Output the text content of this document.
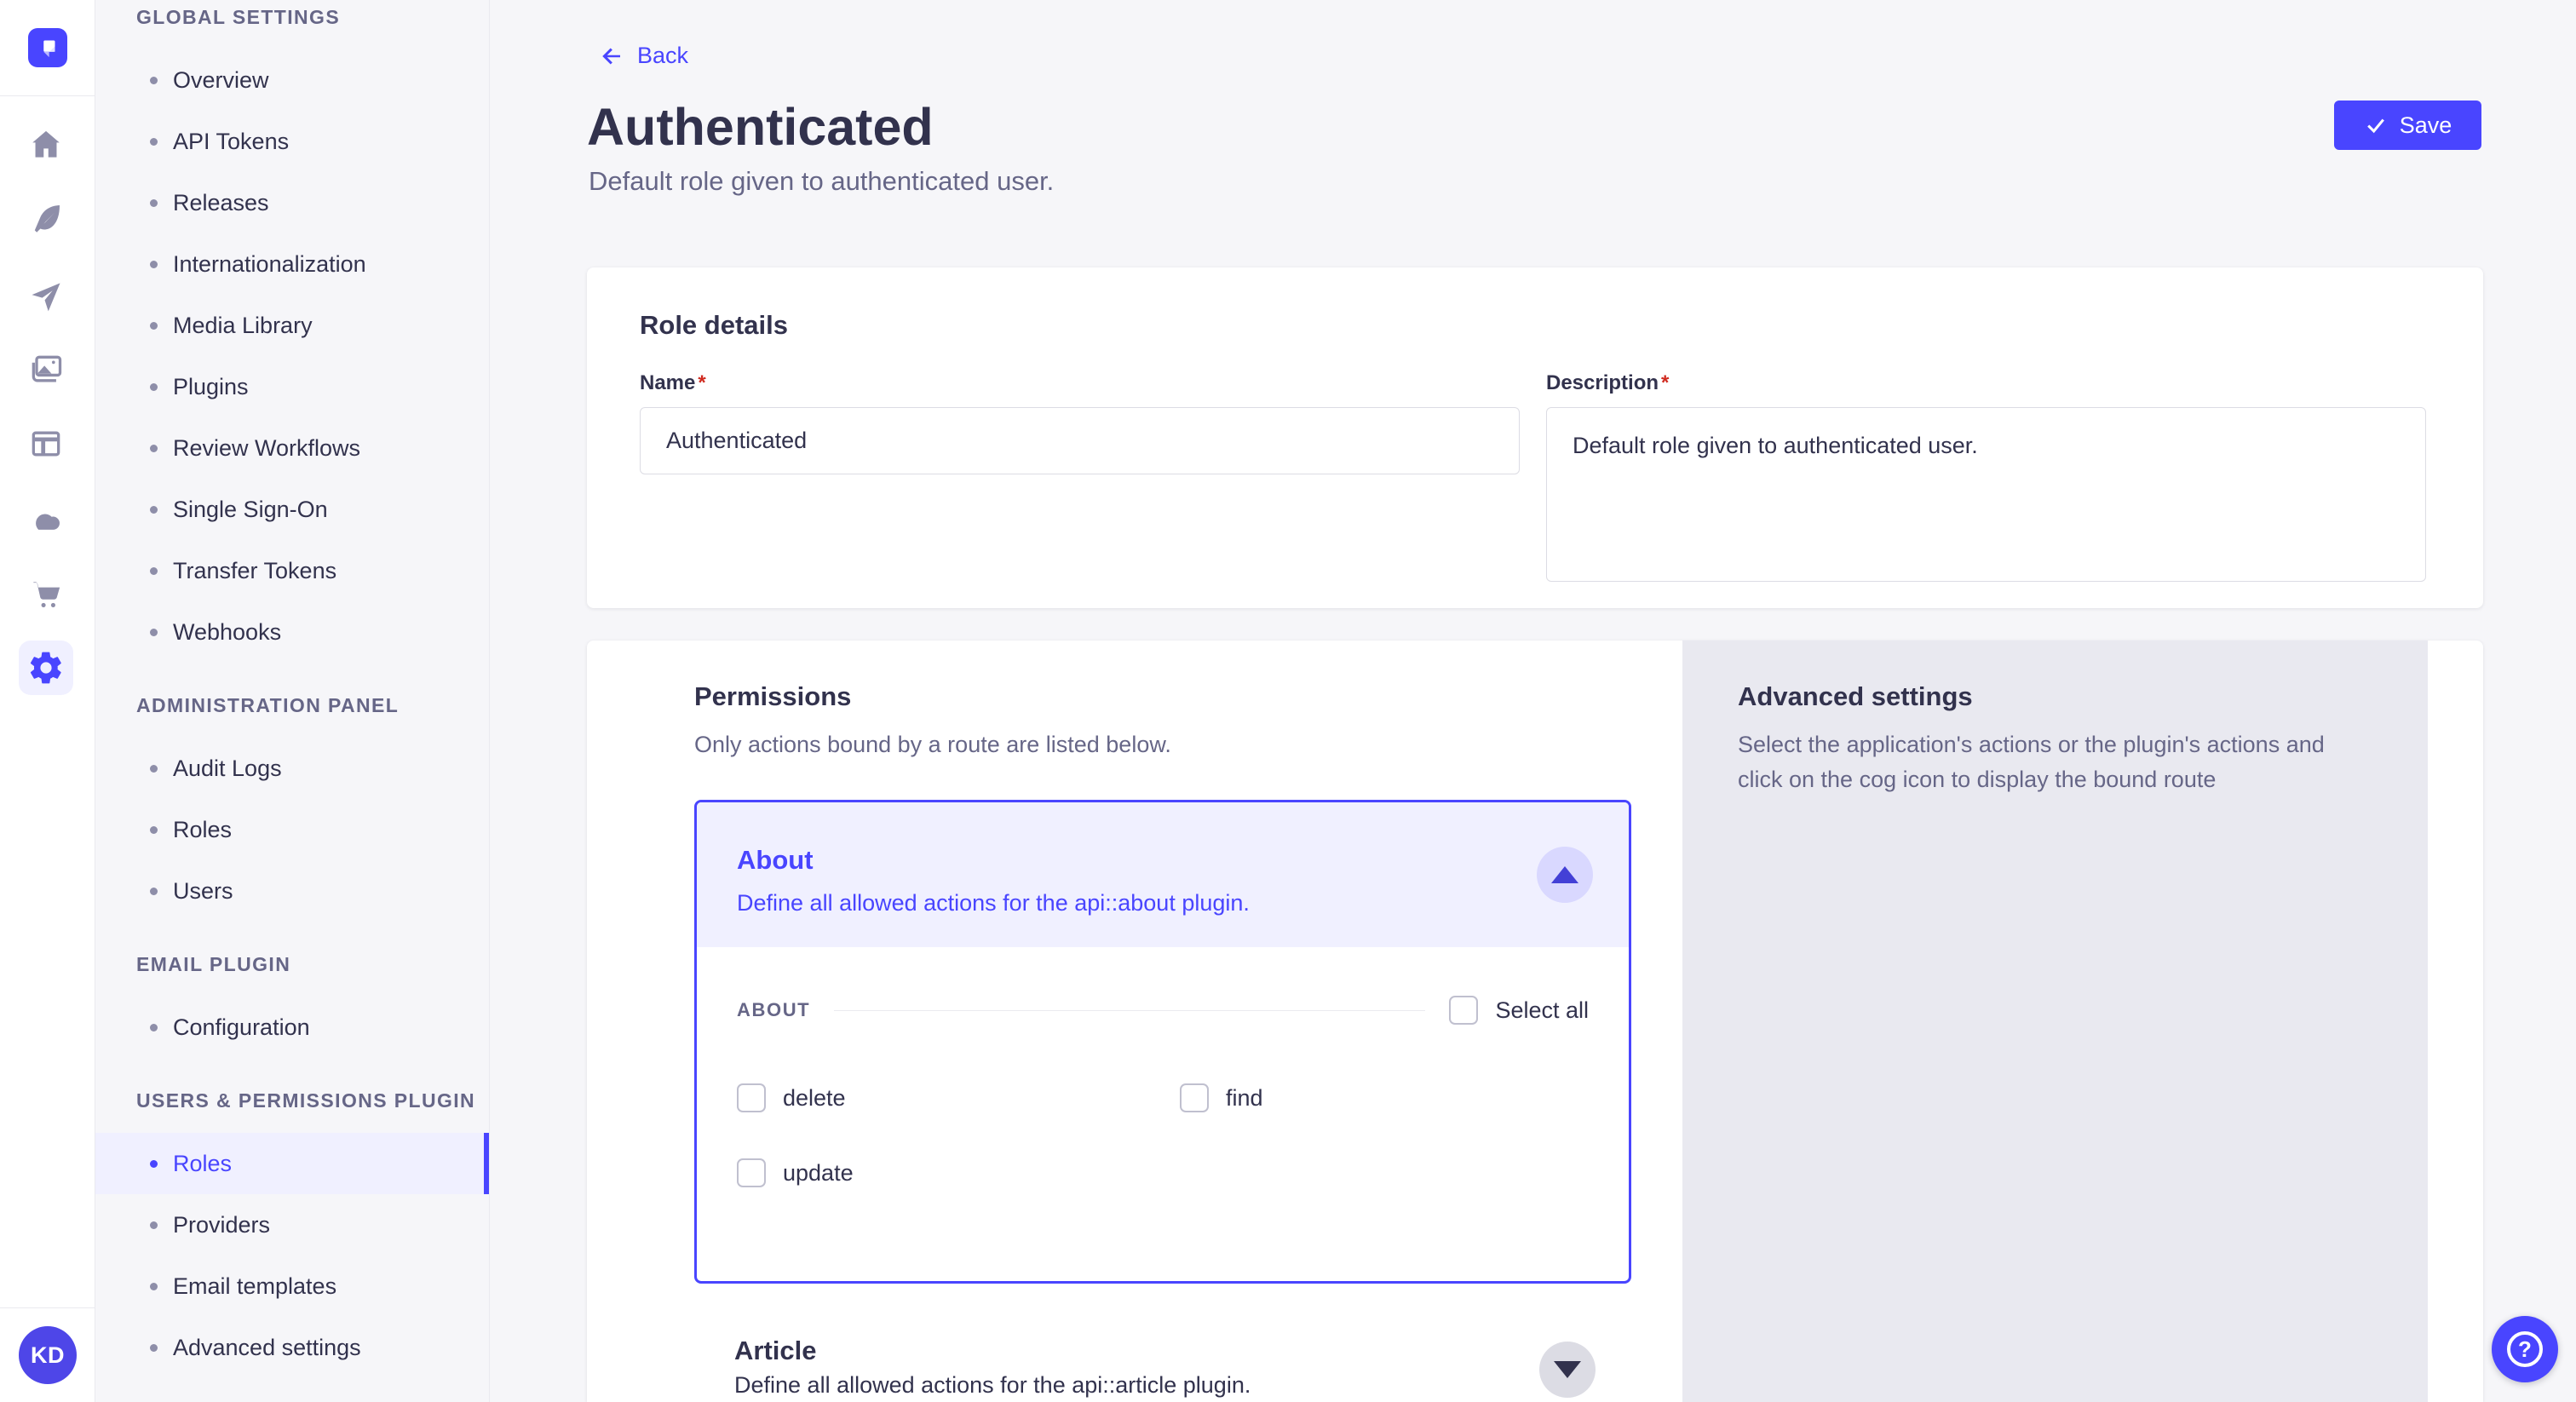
KD
GLOBAL SETTINGS
Overview
API Tokens
Releases
Internationalization
Media Library
Plugins
Review Workflows
Single Sign-On
Transfer Tokens
Webhooks
ADMINISTRATION PANEL
Audit Logs
Roles
Users
EMAIL PLUGIN
Configuration
USERS & PERMISSIONS PLUGIN
Roles
Providers
Email templates
Advanced settings
Back
Authenticated

Default role given to authenticated user.

Save
Role details
Name *
Authenticated
Description *
Default role given to authenticated user.
Permissions

Only actions bound by a route are listed below.

About
Define all allowed actions for the api::about plugin.
ABOUT	Select all
delete	find
update
Article
Define all allowed actions for the api::article plugin.
Advanced settings

Select the application's actions or the plugin's actions and click on the cog icon to display the bound route

?
